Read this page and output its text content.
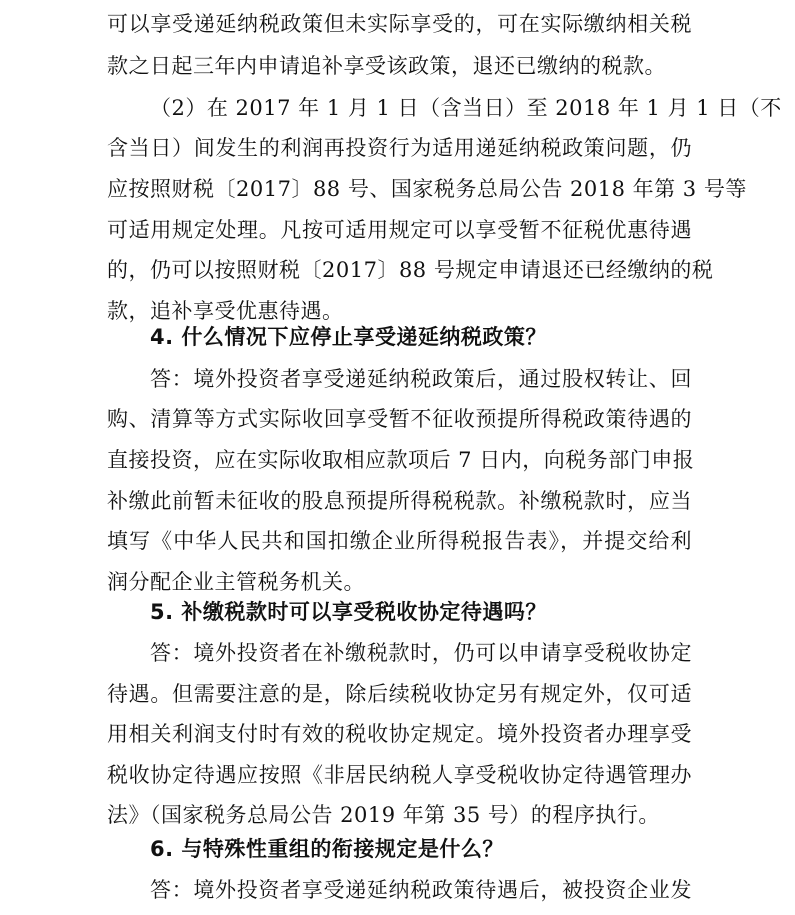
可以享受递延纳税政策但未实际享受的，可在实际缴纳相关税
款之日起三年内申请追补享受该政策，退还已缴纳的税款。
（2）在 2017 年 1 月 1 日（含当日）至 2018 年 1 月 1 日（不
含当日）间发生的利润再投资行为适用递延纳税政策问题，仍
应按照财税〔2017〕88 号、国家税务总局公告 2018 年第 3 号等
可适用规定处理。凡按可适用规定可以享受暂不征税优惠待遇
的，仍可以按照财税〔2017〕88 号规定申请退还已经缴纳的税
款，追补享受优惠待遇。
4. 什么情况下应停止享受递延纳税政策？
答：境外投资者享受递延纳税政策后，通过股权转让、回
购、清算等方式实际收回享受暂不征收预提所得税政策待遇的
直接投资，应在实际收取相应款项后 7 日内，向税务部门申报
补缴此前暂未征收的股息预提所得税税款。补缴税款时，应当
填写《中华人民共和国扣缴企业所得税报告表》，并提交给利
润分配企业主管税务机关。
5. 补缴税款时可以享受税收协定待遇吗？
答：境外投资者在补缴税款时，仍可以申请享受税收协定
待遇。但需要注意的是，除后续税收协定另有规定外，仅可适
用相关利润支付时有效的税收协定规定。境外投资者办理享受
税收协定待遇应按照《非居民纳税人享受税收协定待遇管理办
法》（国家税务总局公告 2019 年第 35 号）的程序执行。
6. 与特殊性重组的衔接规定是什么？
答：境外投资者享受递延纳税政策待遇后，被投资企业发
